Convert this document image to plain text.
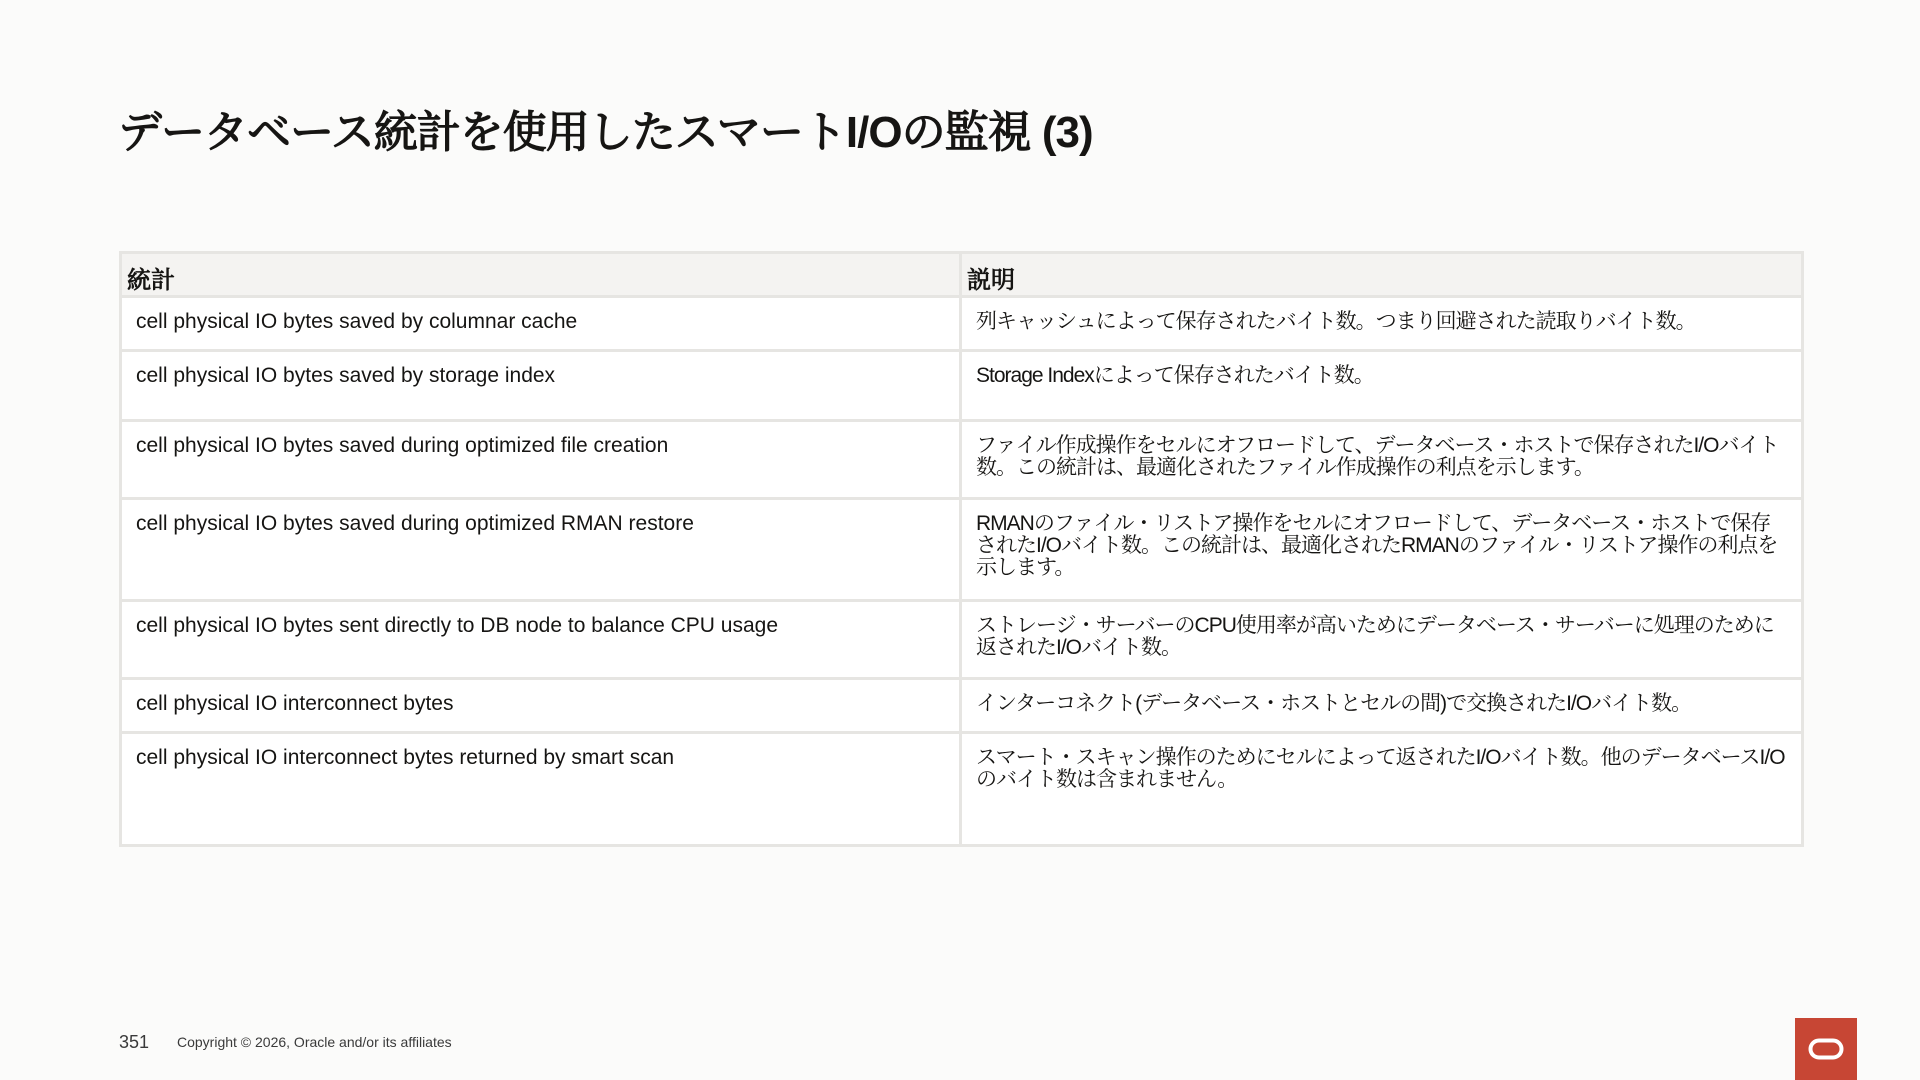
データベース統計を使用したスマートI/Oの監視 (3)
統計	説明
cell physical IO bytes saved by columnar cache	列キャッシュによって保存されたバイト数。つまり回避された読取りバイト数。
cell physical IO bytes saved by storage index	Storage Indexによって保存されたバイト数。
cell physical IO bytes saved during optimized file creation	ファイル作成操作をセルにオフロードして、データベース・ホストで保存されたI/Oバイト数。この統計は、最適化されたファイル作成操作の利点を示します。
cell physical IO bytes saved during optimized RMAN restore	RMANのファイル・リストア操作をセルにオフロードして、データベース・ホストで保存されたI/Oバイト数。この統計は、最適化されたRMANのファイル・リストア操作の利点を示します。
cell physical IO bytes sent directly to DB node to balance CPU usage	ストレージ・サーバーのCPU使用率が高いためにデータベース・サーバーに処理のために返されたI/Oバイト数。
cell physical IO interconnect bytes	インターコネクト(データベース・ホストとセルの間)で交換されたI/Oバイト数。
cell physical IO interconnect bytes returned by smart scan	スマート・スキャン操作のためにセルによって返されたI/Oバイト数。他のデータベースI/Oのバイト数は含まれません。
351 Copyright © 2026, Oracle and/or its affiliates
